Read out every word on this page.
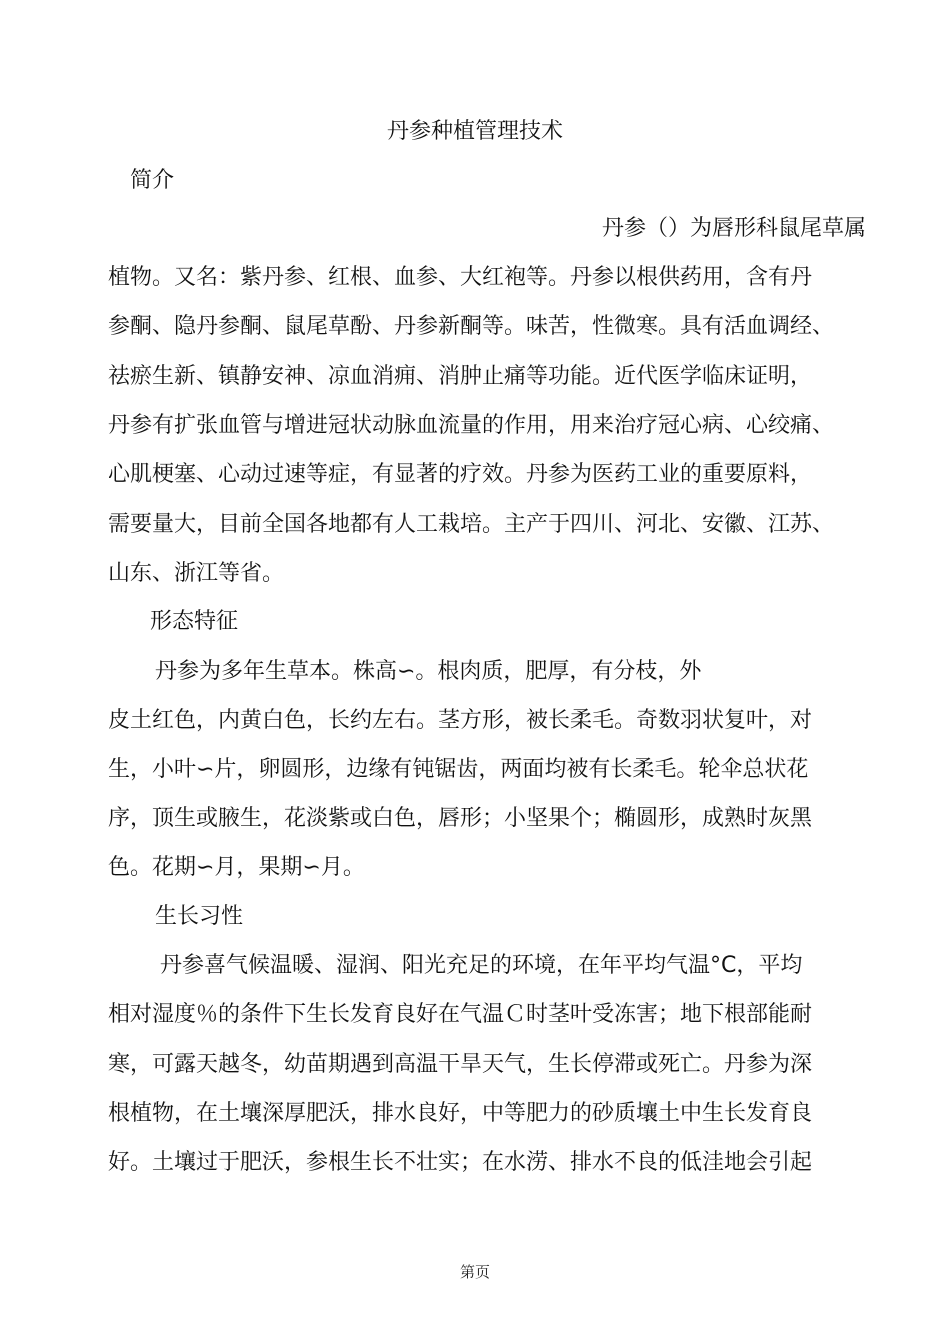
丹参种植管理技术
简介
丹参（）为唇形科鼠尾草属
植物。又名：紫丹参、红根、血参、大红袍等。丹参以根供药用，含有丹
参酮、隐丹参酮、鼠尾草酚、丹参新酮等。味苦，性微寒。具有活血调经、
祛瘀生新、镇静安神、凉血消痈、消肿止痛等功能。近代医学临床证明，
丹参有扩张血管与增进冠状动脉血流量的作用，用来治疗冠心病、心绞痛、
心肌梗塞、心动过速等症，有显著的疗效。丹参为医药工业的重要原料，
需要量大，目前全国各地都有人工栽培。主产于四川、河北、安徽、江苏、
山东、浙江等省。
形态特征
丹参为多年生草本。株高∽。根肉质，肥厚，有分枝，外
皮土红色，内黄白色，长约左右。茎方形，被长柔毛。奇数羽状复叶，对
生，小叶∽片，卵圆形，边缘有钝锯齿，两面均被有长柔毛。轮伞总状花
序，顶生或腋生，花淡紫或白色，唇形；小坚果个；椭圆形，成熟时灰黑
色。花期∽月，果期∽月。
生长习性
丹参喜气候温暖、湿润、阳光充足的环境，在年平均气温°C，平均
相对湿度％的条件下生长发育良好在气温Ｃ时茎叶受冻害；地下根部能耐
寒，可露天越冬，幼苗期遇到高温干旱天气，生长停滞或死亡。丹参为深
根植物，在土壤深厚肥沃，排水良好，中等肥力的砂质壤土中生长发育良
好。土壤过于肥沃，参根生长不壮实；在水涝、排水不良的低洼地会引起
第页
